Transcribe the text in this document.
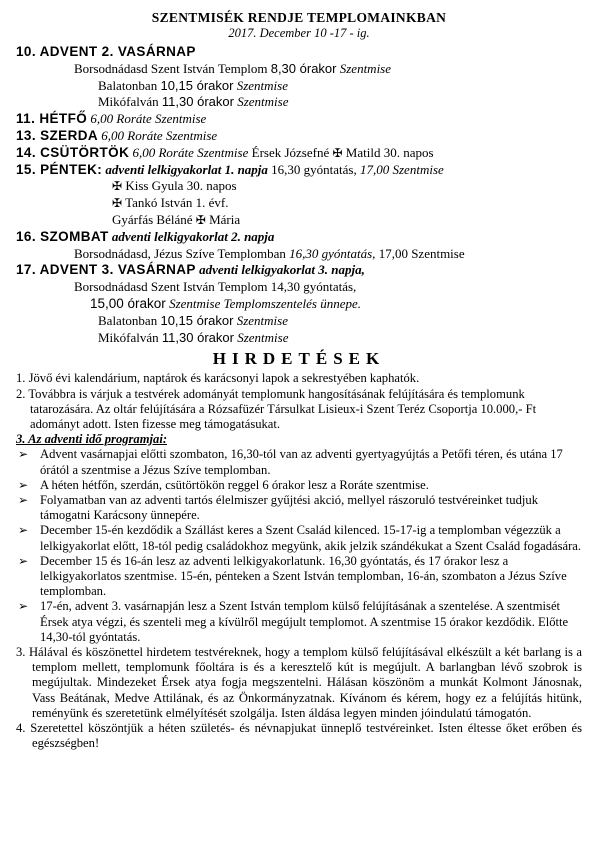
SZENTMISÉK RENDJE TEMPLOMAINKBAN
2017. December 10 -17 - ig.
10. ADVENT 2. VASÁRNAP
Borsodnádasd Szent István Templom 8,30 órakor Szentmise
Balatonban 10,15 órakor Szentmise
Mikófalván 11,30 órakor Szentmise
11. HÉTFŐ 6,00 Roráte Szentmise
13. SZERDA 6,00 Roráte Szentmise
14. CSÜTÖRTÖK 6,00 Roráte Szentmise Érsek Józsefné ✠ Matild 30. napos
15. PÉNTEK: adventi lelkigyakorlat 1. napja 16,30 gyóntatás, 17,00 Szentmise
✠ Kiss Gyula 30. napos
✠ Tankó István 1. évf.
Gyárfás Béláné ✠ Mária
16. SZOMBAT adventi lelkigyakorlat 2. napja
Borsodnádasd, Jézus Szíve Templomban 16,30 gyóntatás, 17,00 Szentmise
17. ADVENT 3. VASÁRNAP adventi lelkigyakorlat 3. napja,
Borsodnádasd Szent István Templom 14,30 gyóntatás,
15,00 órakor Szentmise Templomszentelés ünnepe.
Balatonban 10,15 órakor Szentmise
Mikófalván 11,30 órakor Szentmise
HIRDETÉSEK
1. Jövő évi kalendárium, naptárok és karácsonyi lapok a sekrestyében kaphatók.
2. Továbbra is várjuk a testvérek adományát templomunk hangosításának felújítására és templomunk tatarozására. Az oltár felújítására a Rózsafüzér Társulkat Lisieux-i Szent Teréz Csoportja 10.000,- Ft adományt adott. Isten fizesse meg támogatásukat.
3. Az adventi idő programjai:
➢ Advent vasárnapjai előtti szombaton, 16,30-tól van az adventi gyertyagyújtás a Petőfi téren, és utána 17 órától a szentmise a Jézus Szíve templomban.
➢ A héten hétfőn, szerdán, csütörtökön reggel 6 órakor lesz a Roráte szentmise.
➢ Folyamatban van az adventi tartós élelmiszer gyűjtési akció, mellyel rászoruló testvéreinket tudjuk támogatni Karácsony ünnepére.
➢ December 15-én kezdődik a Szállást keres a Szent Család kilenced. 15-17-ig a templomban végezzük a lelkigyakorlat előtt, 18-tól pedig családokhoz megyünk, akik jelzik szándékukat a Szent Család fogadására.
➢ December 15 és 16-án lesz az adventi lelkigyakorlatunk. 16,30 gyóntatás, és 17 órakor lesz a lelkigyakorlatos szentmise. 15-én, pénteken a Szent István templomban, 16-án, szombaton a Jézus Szíve templomban.
➢ 17-én, advent 3. vasárnapján lesz a Szent István templom külső felújításának a szentelése. A szentmisét Érsek atya végzi, és szenteli meg a kívülről megújult templomot. A szentmise 15 órakor kezdődik. Előtte 14,30-tól gyóntatás.
3. Hálával és köszönettel hirdetem testvéreknek, hogy a templom külső felújításával elkészült a két barlang is a templom mellett, templomunk főoltára is és a keresztelő kút is megújult. A barlangban lévő szobrok is megújultak. Mindezeket Érsek atya fogja megszentelni. Hálásan köszönöm a munkát Kolmont Jánosnak, Vass Beátának, Medve Attilának, és az Önkormányzatnak. Kívánom és kérem, hogy ez a felújítás hitünk, reményünk és szeretetünk elmélyítését szolgálja. Isten áldása legyen minden jóindulatú támogatón.
4. Szeretettel köszöntjük a héten születés- és névnapjukat ünneplő testvéreinket. Isten éltesse őket erőben és egészségben!
